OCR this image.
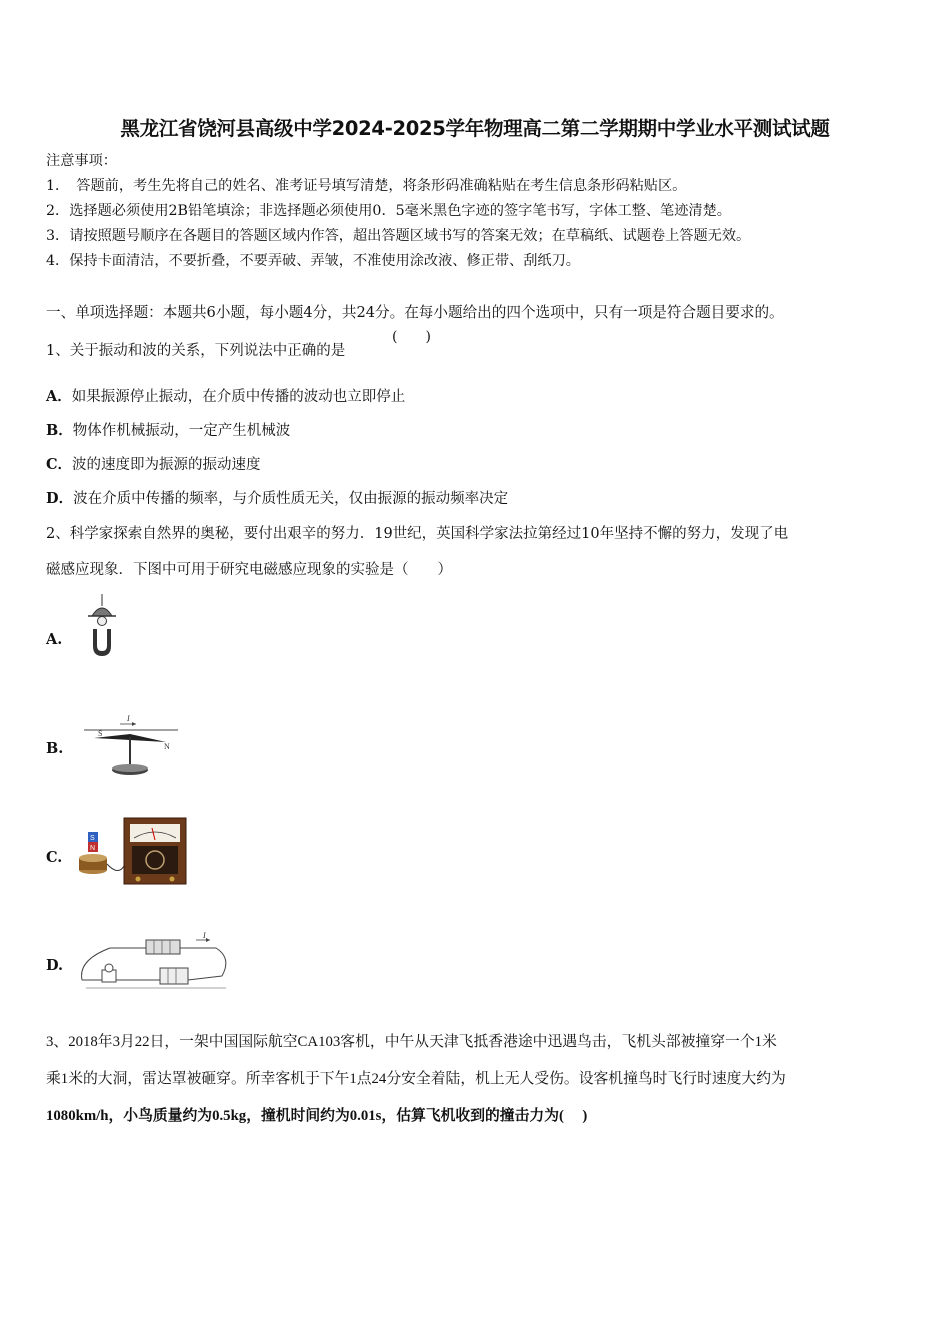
黑龙江省饶河县高级中学2024-2025学年物理高二第二学期期中学业水平测试试题
注意事项：
1．　答题前，考生先将自己的姓名、准考证号填写清楚，将条形码准确粘贴在考生信息条形码粘贴区。
2．选择题必须使用2B铅笔填涂；非选择题必须使用0．5毫米黑色字迹的签字笔书写，字体工整、笔迹清楚。
3．请按照题号顺序在各题目的答题区域内作答，超出答题区域书写的答案无效；在草稿纸、试题卷上答题无效。
4．保持卡面清洁，不要折叠，不要弄破、弄皱，不准使用涂改液、修正带、刮纸刀。
一、单项选择题：本题共6小题，每小题4分，共24分。在每小题给出的四个选项中，只有一项是符合题目要求的。
1、关于振动和波的关系，下列说法中正确的是
(　　)
A．如果振源停止振动，在介质中传播的波动也立即停止
B．物体作机械振动，一定产生机械波
C．波的速度即为振源的振动速度
D．波在介质中传播的频率，与介质性质无关，仅由振源的振动频率决定
2、科学家探索自然界的奥秘，要付出艰辛的努力．19世纪，英国科学家法拉第经过10年坚持不懈的努力，发现了电
磁感应现象．下图中可用于研究电磁感应现象的实验是（　　）
A.
B.
I
S
N
C.
S
N
D.
I
3、2018年3月22日，一架中国国际航空CA103客机，中午从天津飞抵香港途中迅遇鸟击，飞机头部被撞穿一个1米
乘1米的大洞，雷达罩被砸穿。所幸客机于下午1点24分安全着陆，机上无人受伤。设客机撞鸟时飞行时速度大约为
1080km/h，小鸟质量约为0.5kg，撞机时间约为0.01s，估算飞机收到的撞击力为(　 )
